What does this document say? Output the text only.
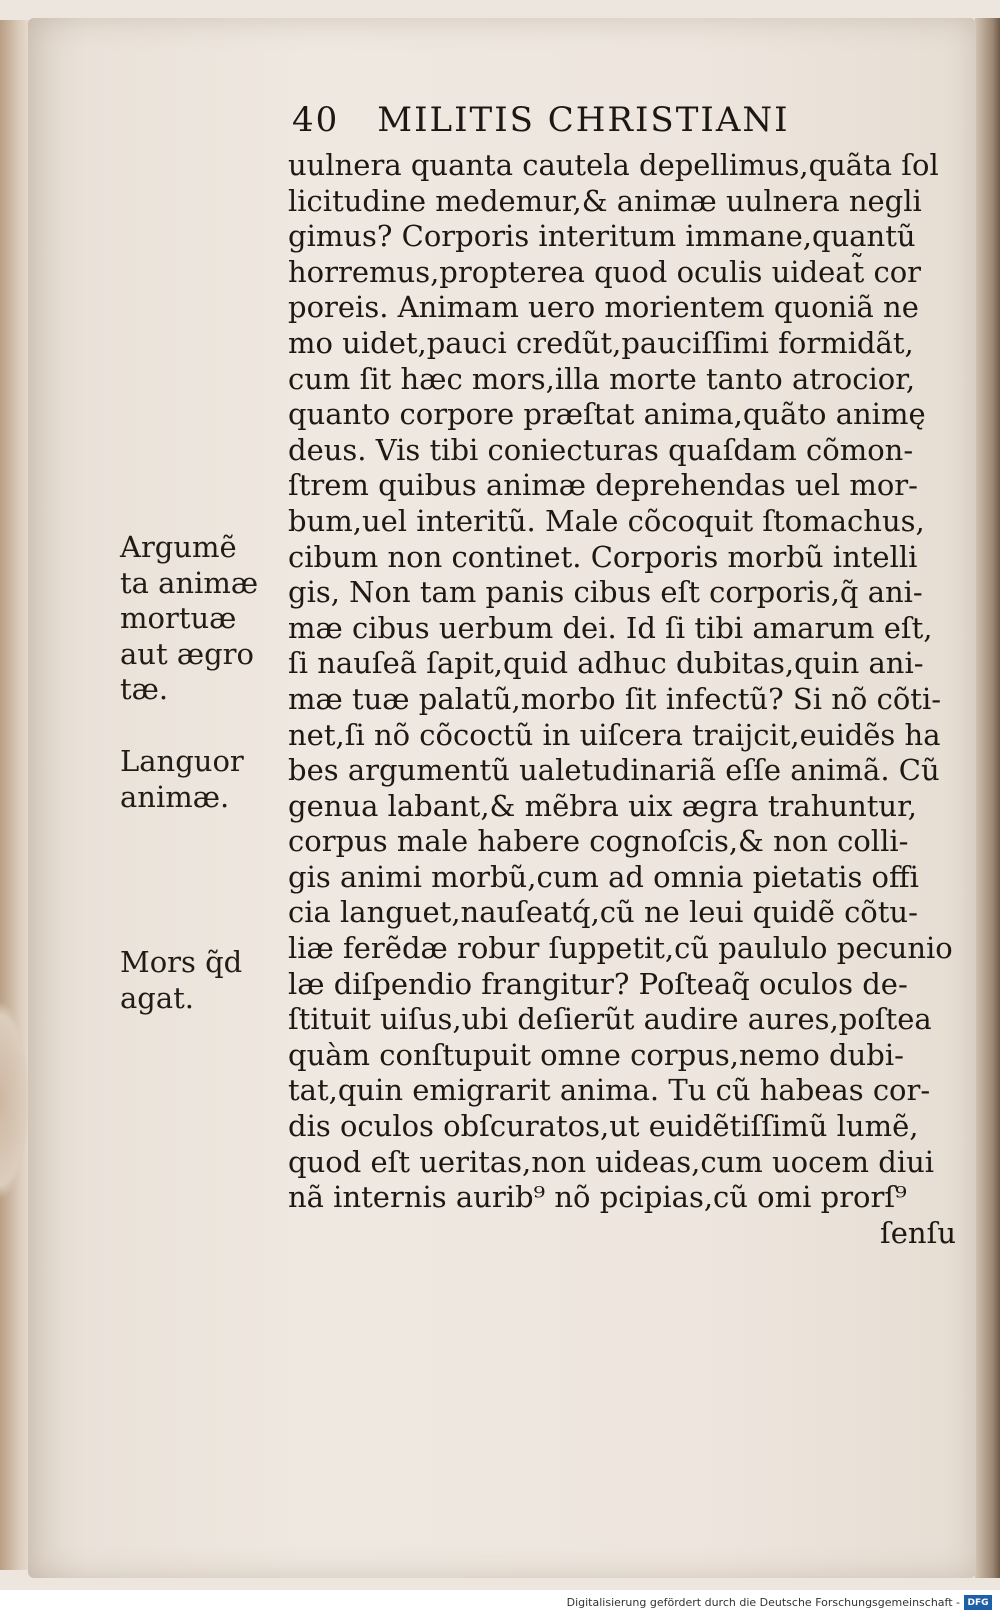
40 MILITIS CHRISTIANI
uulnera quanta cautela depellimus,quãta ſol
licitudine medemur,& animæ uulnera negli
gimus? Corporis interitum immane,quantũ
horremus,propterea quod oculis uideat̃ cor
poreis. Animam uero morientem quoniã ne
mo uidet,pauci credũt,pauciſſimi formidãt,
cum ſit hæc mors,illa morte tanto atrocior,
quanto corpore præſtat anima,quãto animę
deus. Vis tibi coniecturas quaſdam cõmon-
ſtrem quibus animæ deprehendas uel mor-
bum,uel interitũ. Male cõcoquit ſtomachus,
cibum non continet. Corporis morbũ intelli
gis, Non tam panis cibus eſt corporis,q̃ ani-
mæ cibus uerbum dei. Id ſi tibi amarum eſt,
ſi nauſeã ſapit,quid adhuc dubitas,quin ani-
mæ tuæ palatũ,morbo ſit infectũ? Si nõ cõti-
net,ſi nõ cõcoctũ in uiſcera traijcit,euidẽs ha
bes argumentũ ualetudinariã eſſe animã. Cũ
genua labant,& mẽbra uix ægra trahuntur,
corpus male habere cognoſcis,& non colli-
gis animi morbũ,cum ad omnia pietatis offi
cia languet,nauſeatq́,cũ ne leui quidẽ cõtu-
liæ ferẽdæ robur ſuppetit,cũ paululo pecunio
læ diſpendio frangitur? Poſteaq̃ oculos de-
ſtituit uiſus,ubi deſierũt audire aures,poſtea
quàm conſtupuit omne corpus,nemo dubi-
tat,quin emigrarit anima. Tu cũ habeas cor-
dis oculos obſcuratos,ut euidẽtiſſimũ lumẽ,
quod eſt ueritas,non uideas,cum uocem diui
nã internis aurib⁹ nõ pcipias,cũ omi prorſ⁹
ſenſu
Argumẽ
ta animæ
mortuæ
aut ægro
tæ.
Languor
animæ.
Mors q̃d
agat.
Digitalisierung gefördert durch die Deutsche Forschungsgemeinschaft - DFG
